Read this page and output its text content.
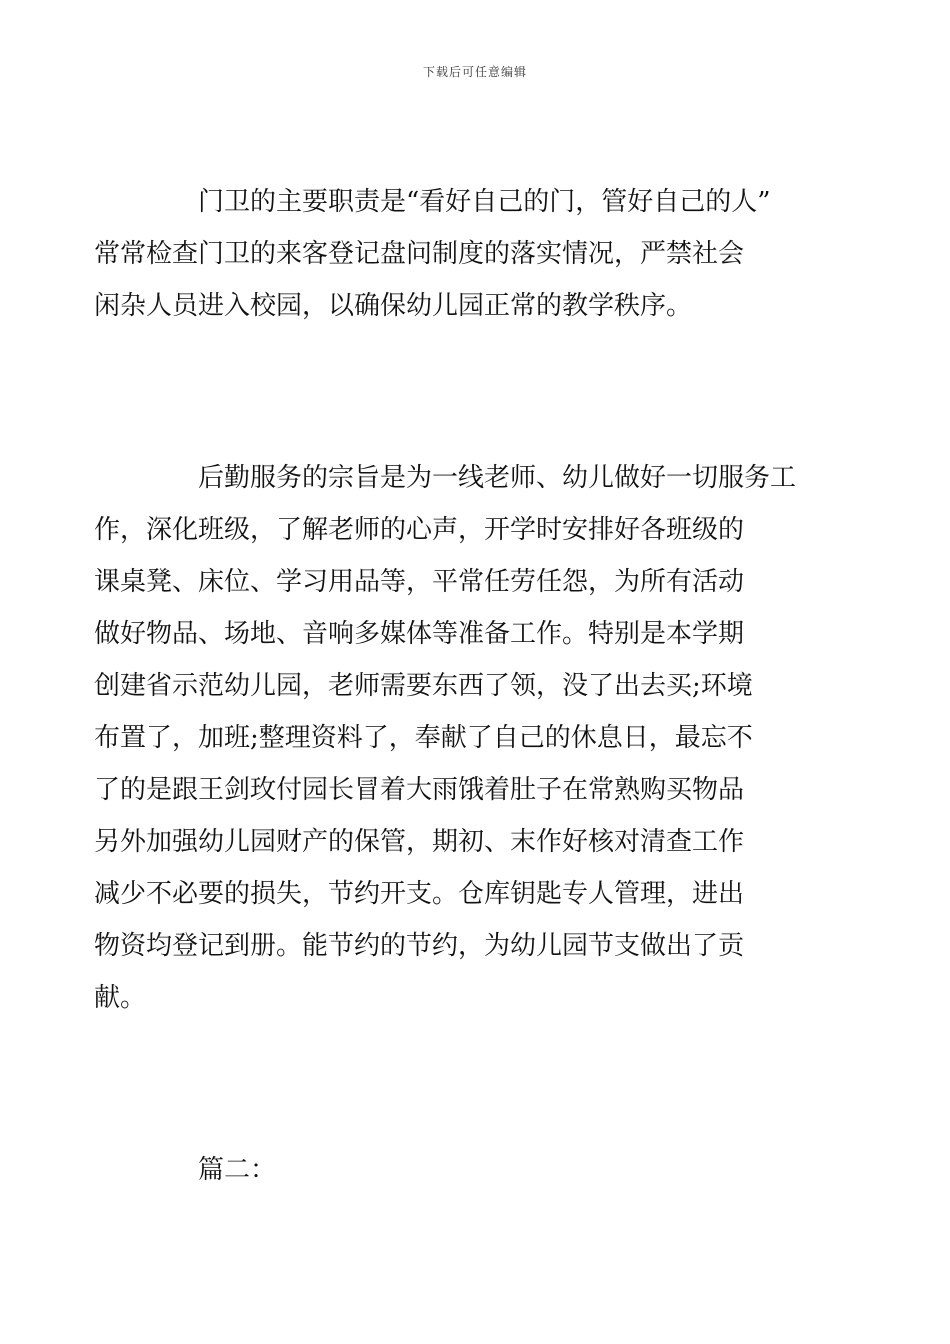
下载后可任意编辑

门卫的主要职责是“看好自己的门，管好自己的人”
常常检查门卫的来客登记盘问制度的落实情况，严禁社会
闲杂人员进入校园，以确保幼儿园正常的教学秩序。

后勤服务的宗旨是为一线老师、幼儿做好一切服务工
作，深化班级，了解老师的心声，开学时安排好各班级的
课桌凳、床位、学习用品等，平常任劳任怨，为所有活动
做好物品、场地、音响多媒体等准备工作。特别是本学期
创建省示范幼儿园，老师需要东西了领，没了出去买;环境
布置了，加班;整理资料了，奉献了自己的休息日，最忘不
了的是跟王剑玫付园长冒着大雨饿着肚子在常熟购买物品
另外加强幼儿园财产的保管，期初、末作好核对清查工作
减少不必要的损失，节约开支。仓库钥匙专人管理，进出
物资均登记到册。能节约的节约，为幼儿园节支做出了贡
献。

篇二：
